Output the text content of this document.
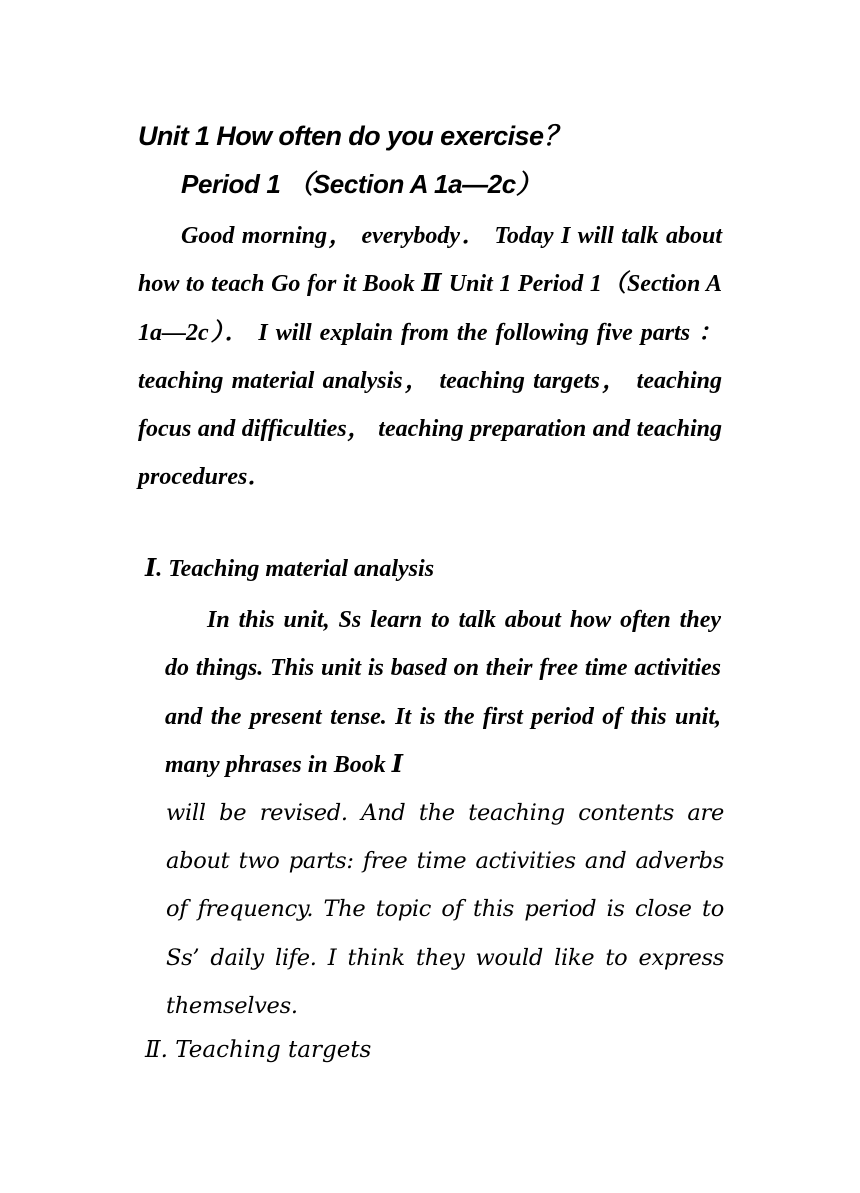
Unit 1 How often do you exercise？
Period 1 （Section A 1a—2c）

Good morning， everybody． Today I will talk about how to teach Go for it Book Ⅱ Unit 1 Period 1（Section A 1a—2c）． I will explain from the following five parts ： teaching material analysis， teaching targets， teaching focus and difficulties， teaching preparation and teaching procedures．

Ⅰ. Teaching material analysis

In this unit, Ss learn to talk about how often they do things. This unit is based on their free time activities and the present tense. It is the first period of this unit, many phrases in Book Ⅰ

will be revised. And the teaching contents are about two parts: free time activities and adverbs of frequency. The topic of this period is close to Ss’ daily life. I think they would like to express themselves.

Ⅱ. Teaching targets
